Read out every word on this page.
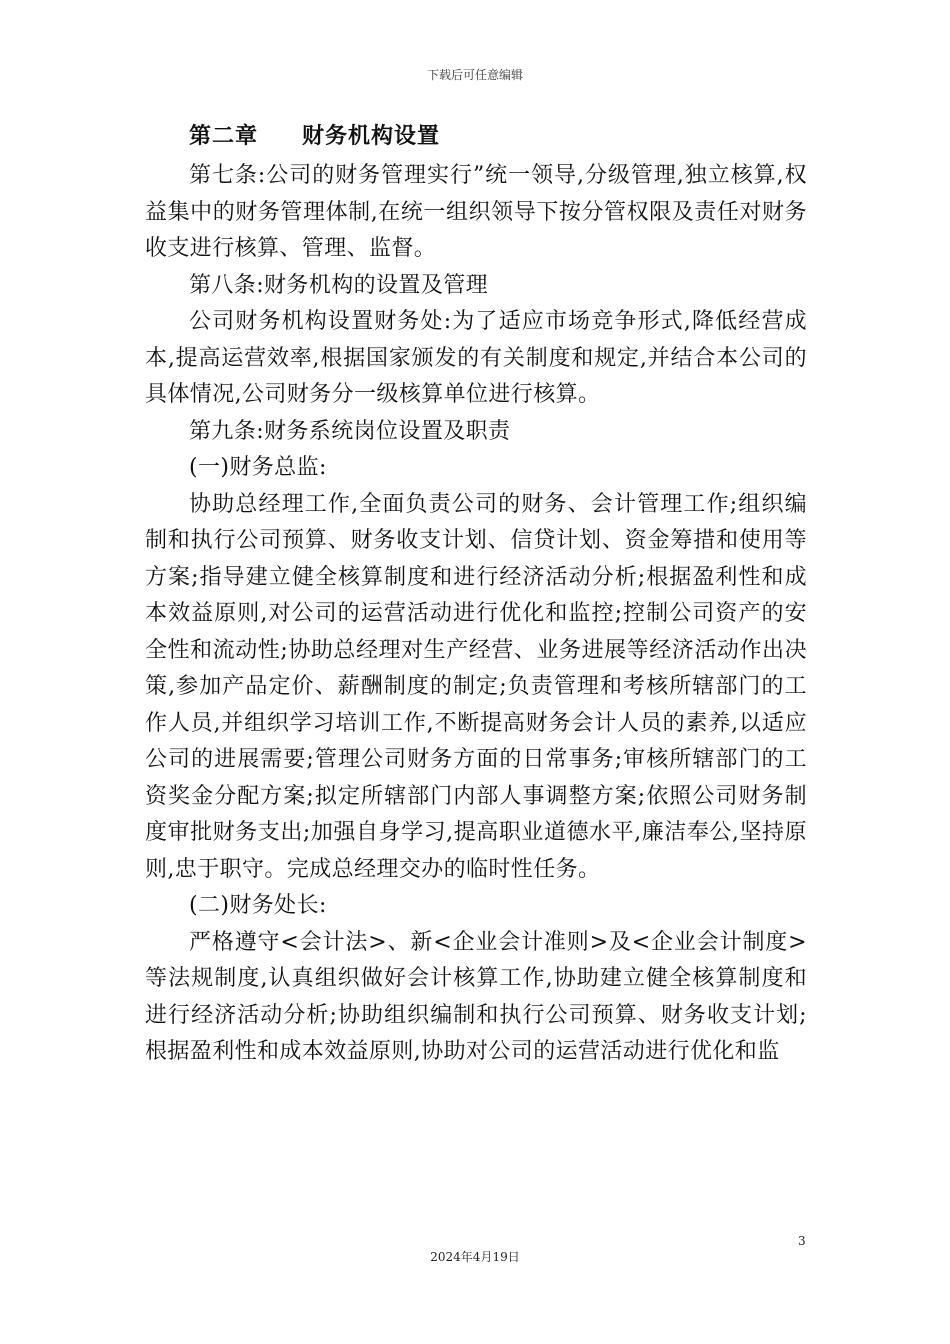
下载后可任意编辑
第二章 财务机构设置

第七条:公司的财务管理实行”统一领导,分级管理,独立核算,权益集中的财务管理体制,在统一组织领导下按分管权限及责任对财务收支进行核算、管理、监督。

第八条:财务机构的设置及管理

公司财务机构设置财务处:为了适应市场竞争形式,降低经营成本,提高运营效率,根据国家颁发的有关制度和规定,并结合本公司的具体情况,公司财务分一级核算单位进行核算。

第九条:财务系统岗位设置及职责

(一)财务总监:

协助总经理工作,全面负责公司的财务、会计管理工作;组织编制和执行公司预算、财务收支计划、信贷计划、资金筹措和使用等方案;指导建立健全核算制度和进行经济活动分析;根据盈利性和成本效益原则,对公司的运营活动进行优化和监控;控制公司资产的安全性和流动性;协助总经理对生产经营、业务进展等经济活动作出决策,参加产品定价、薪酬制度的制定;负责管理和考核所辖部门的工作人员,并组织学习培训工作,不断提高财务会计人员的素养,以适应公司的进展需要;管理公司财务方面的日常事务;审核所辖部门的工资奖金分配方案;拟定所辖部门内部人事调整方案;依照公司财务制度审批财务支出;加强自身学习,提高职业道德水平,廉洁奉公,坚持原则,忠于职守。完成总经理交办的临时性任务。

(二)财务处长:

严格遵守<会计法>、新<企业会计准则>及<企业会计制度>等法规制度,认真组织做好会计核算工作,协助建立健全核算制度和进行经济活动分析;协助组织编制和执行公司预算、财务收支计划;根据盈利性和成本效益原则,协助对公司的运营活动进行优化和监

3
2024年4月19日
